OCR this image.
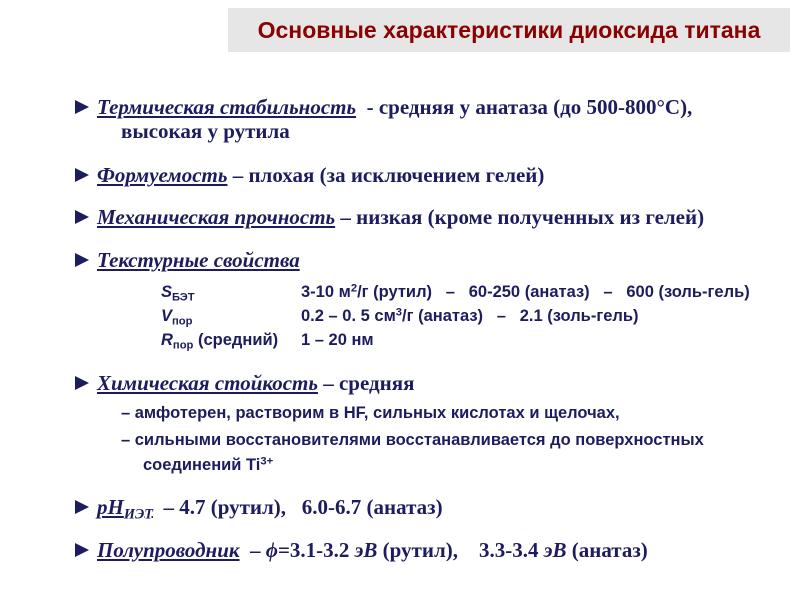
Основные характеристики диоксида титана
Термическая стабильность  - средняя у анатаза (до 500-800°С),
высокая у рутила
Формуемость – плохая (за исключением гелей)
Механическая прочность – низкая (кроме полученных из гелей)
Текстурные свойства
$S_{БЭТ}$	3-10 $м^2/г$ (рутил)   –   60-250 (анатаз)   –   600 (золь-гель)
$V_{пор}$	0.2 – 0. 5 $см^3/г$ (анатаз)   –   2.1 (золь-гель)
$R_{пор}$ (средний) 1 – 20 нм
Химическая стойкость – средняя
– амфотерен, растворим в HF, сильных кислотах и щелочах,
– сильными восстановителями восстанавливается до поверхностных
соединений $Ti^{3+}$
$pH_{ИЭТ} - 4.7$ (рутил),   6.0-6.7 (анатаз)
Полупроводник  – ϕ=3.1-3.2 эВ (рутил),    3.3-3.4 эВ (анатаз)
